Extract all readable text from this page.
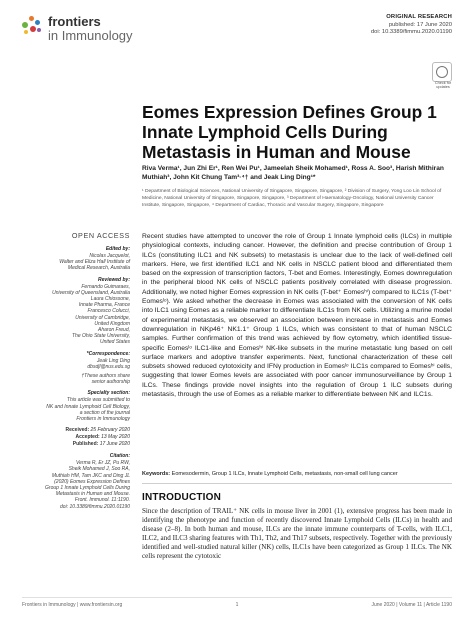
frontiers
in Immunology
ORIGINAL RESEARCH
published: 17 June 2020
doi: 10.3389/fimmu.2020.01190
Check for updates
Eomes Expression Defines Group 1 Innate Lymphoid Cells During Metastasis in Human and Mouse
Riva Verma¹, Jun Zhi Er¹, Ren Wei Pu¹, Jameelah Sheik Mohamed¹, Ross A. Soo³, Harish Mithiran Muthiah³, John Kit Chung Tam³·⁴† and Jeak Ling Ding¹*
¹ Department of Biological Sciences, National University of Singapore, Singapore, Singapore, ² Division of Surgery, Yong Loo Lin School of Medicine, National University of Singapore, Singapore, Singapore, ³ Department of Haematology-Oncology, National University Cancer Institute, Singapore, Singapore, ⁴ Department of Cardiac, Thoracic and Vascular Surgery, Singapore, Singapore
OPEN ACCESS
Edited by:
Nicolas Jacquelot,
Walter and Eliza Hall Institute of
Medical Research, Australia
Reviewed by:
Fernando Guimaraes,
University of Queensland, Australia
Laura Chiossone,
Innate Pharma, France
Francesco Colucci,
University of Cambridge,
United Kingdom
Aharon Freud,
The Ohio State University,
United States
*Correspondence:
Jeak Ling Ding
dbsdjl@nus.edu.sg
†These authors share
senior authorship
Specialty section:
This article was submitted to
NK and Innate Lymphoid Cell Biology,
a section of the journal
Frontiers in Immunology
Received: 25 February 2020
Accepted: 13 May 2020
Published: 17 June 2020
Citation:
Verma R, Er JZ, Pu RW,
Sheik Mohamed J, Soo RA,
Muthiah HM, Tam JKC and Ding JL
(2020) Eomes Expression Defines
Group 1 Innate Lymphoid Cells During
Metastasis in Human and Mouse.
Front. Immunol. 11:1190.
doi: 10.3389/fimmu.2020.01190
Recent studies have attempted to uncover the role of Group 1 Innate lymphoid cells (ILCs) in multiple physiological contexts, including cancer. However, the definition and precise contribution of Group 1 ILCs (constituting ILC1 and NK subsets) to metastasis is unclear due to the lack of well-defined cell markers. Here, we first identified ILC1 and NK cells in NSCLC patient blood and differentiated them based on the expression of transcription factors, T-bet and Eomes. Interestingly, Eomes downregulation in the peripheral blood NK cells of NSCLC patients positively correlated with disease progression. Additionally, we noted higher Eomes expression in NK cells (T-bet⁺ Eomesʰⁱ) compared to ILC1s (T-bet⁺ Eomesˡᵒ). We asked whether the decrease in Eomes was associated with the conversion of NK cells into ILC1 using Eomes as a reliable marker to differentiate ILC1s from NK cells. Utilizing a murine model of experimental metastasis, we observed an association between increase in metastasis and Eomes downregulation in NKp46⁺ NK1.1⁺ Group 1 ILCs, which was consistent to that of human NSCLC samples. Further confirmation of this trend was achieved by flow cytometry, which identified tissue-specific Eomesˡᵒ ILC1-like and Eomesʰⁱ NK-like subsets in the murine metastatic lung based on cell surface markers and adoptive transfer experiments. Next, functional characterization of these cell subsets showed reduced cytotoxicity and IFNγ production in Eomesˡᵒ ILC1s compared to Eomesʰⁱ cells, suggesting that lower Eomes levels are associated with poor cancer immunosurveillance by Group 1 ILCs. These findings provide novel insights into the regulation of Group 1 ILC subsets during metastasis, through the use of Eomes as a reliable marker to differentiate between NK and ILC1s.
Keywords: Eomesodermin, Group 1 ILCs, Innate Lymphoid Cells, metastasis, non-small cell lung cancer
INTRODUCTION
Since the description of TRAIL⁺ NK cells in mouse liver in 2001 (1), extensive progress has been made in identifying the phenotype and function of recently discovered Innate Lymphoid Cells (ILCs) in health and disease (2–8). In both human and mouse, ILCs are the innate immune counterparts of T-cells, with ILC1, ILC2, and ILC3 sharing features with Th1, Th2, and Th17 subsets, respectively. Together with the previously identified and well-studied natural killer (NK) cells, ILC1s have been categorized as Group 1 ILCs. The NK cells represent the cytotoxic
Frontiers in Immunology | www.frontiersin.org	1	June 2020 | Volume 11 | Article 1190
